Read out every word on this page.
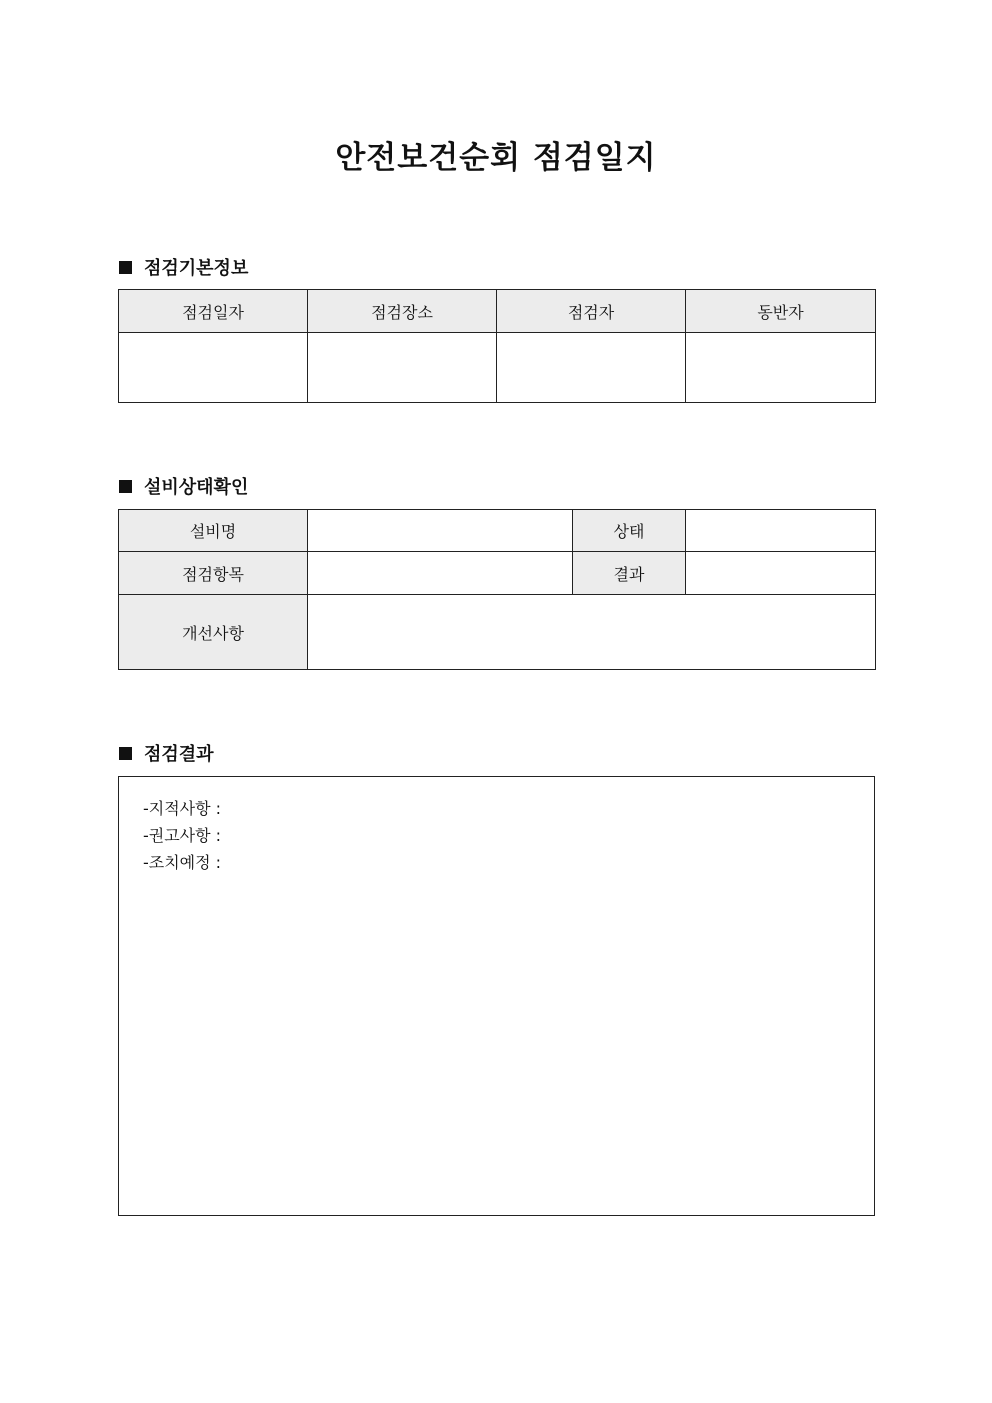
안전보건순회 점검일지
점검기본정보
점검일자	점검장소	점검자	동반자

설비상태확인
설비명		상태	
점검항목		결과	
개선사항			
점검결과
-지적사항 :
-권고사항 :
-조치예정 :
